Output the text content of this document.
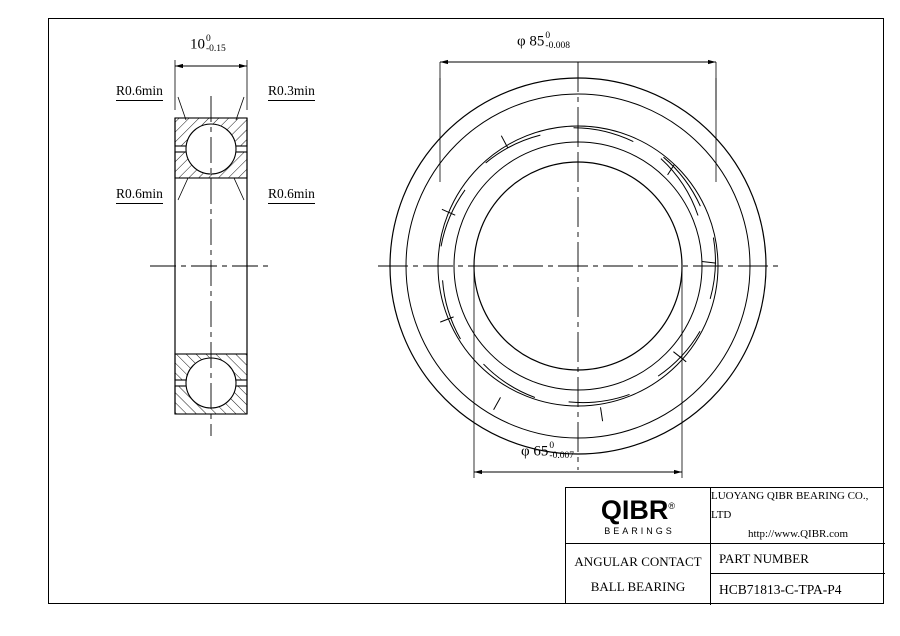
10 0
-0.15	φ 85 0
-0.008
φ 65 0
-0.007
R0.6min	R0.3min
R0.6min	R0.6min
QIBR®
BEARINGS
LUOYANG QIBR BEARING CO., LTD
http://www.QIBR.com
ANGULAR CONTACT
BALL BEARING
PART NUMBER
HCB71813-C-TPA-P4
